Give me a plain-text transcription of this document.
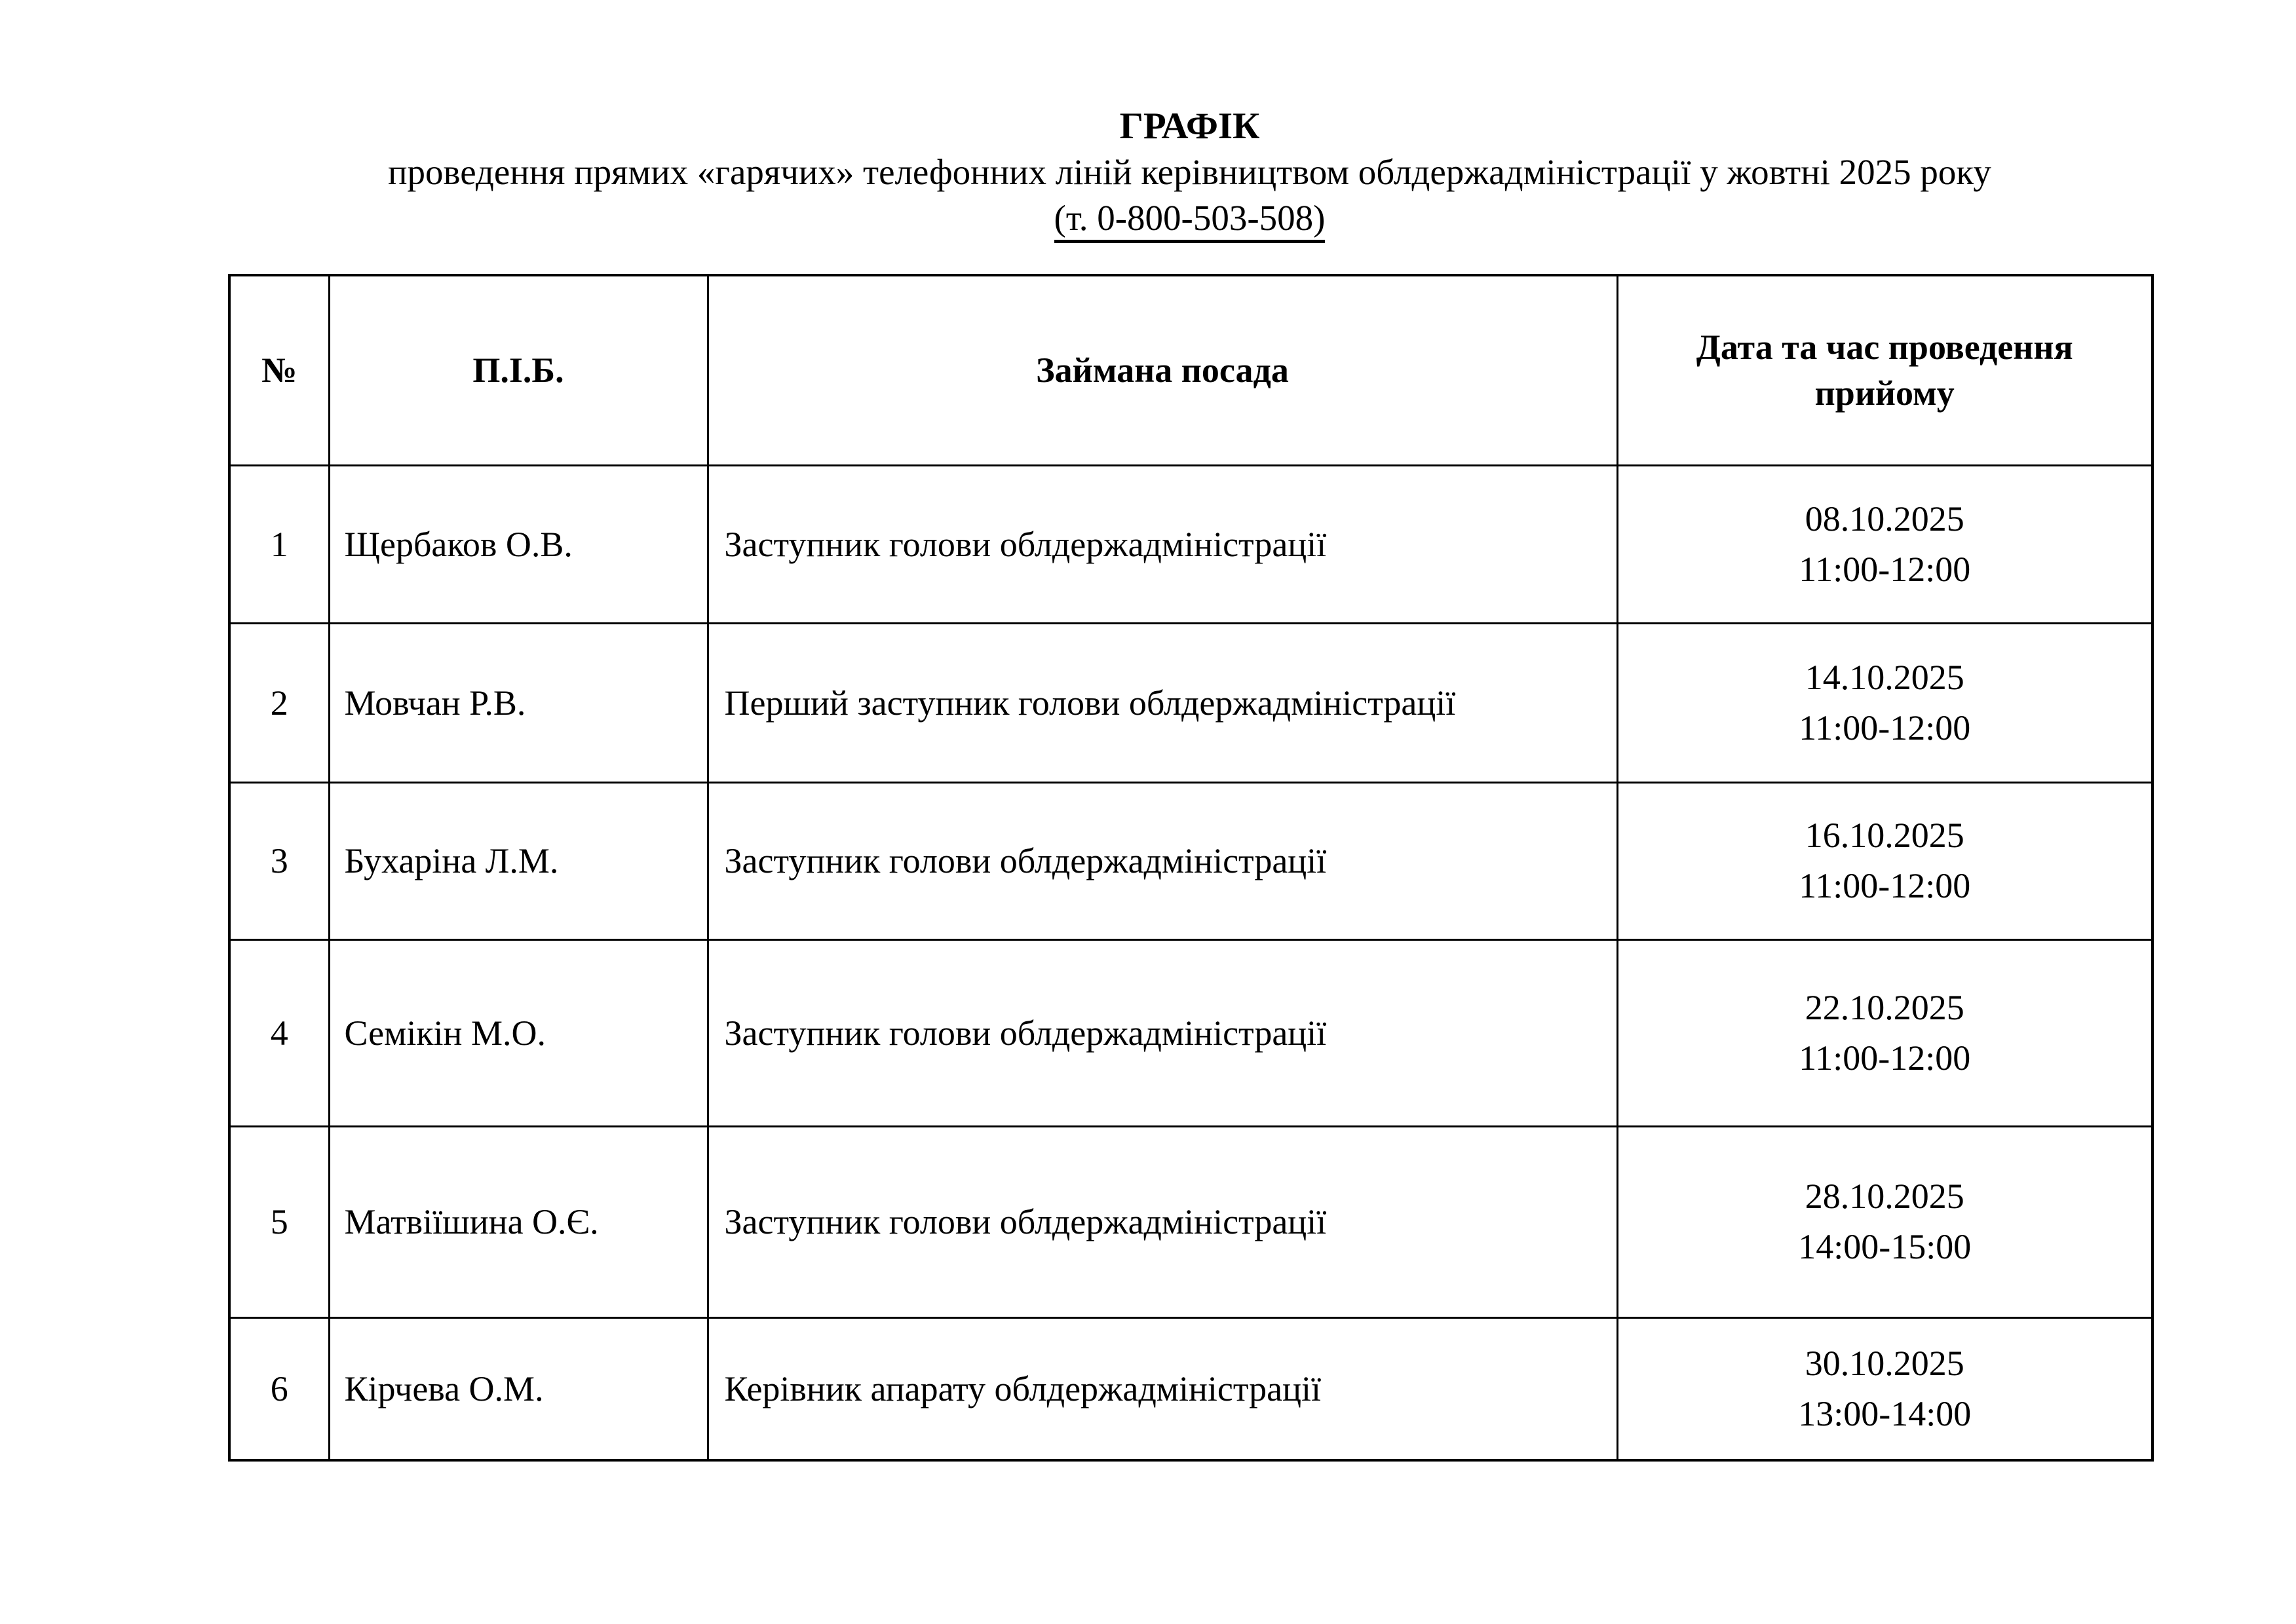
ГРАФІК
проведення прямих «гарячих» телефонних ліній керівництвом облдержадміністрації у жовтні 2025 року
(т. 0-800-503-508)
№	П.І.Б.	Займана посада	Дата та час проведення прийому
1	Щербаков О.В.	Заступник голови облдержадміністрації	08.10.2025
11:00-12:00

2	Мовчан Р.В.	Перший заступник голови облдержадміністрації	14.10.2025
11:00-12:00

3	Бухаріна Л.М.	Заступник голови облдержадміністрації	16.10.2025
11:00-12:00

4	Семікін М.О.	Заступник голови облдержадміністрації	22.10.2025
11:00-12:00

5	Матвіїшина О.Є.	Заступник голови облдержадміністрації	28.10.2025
14:00-15:00

6	Кірчева О.М.	Керівник апарату облдержадміністрації	30.10.2025
13:00-14:00
